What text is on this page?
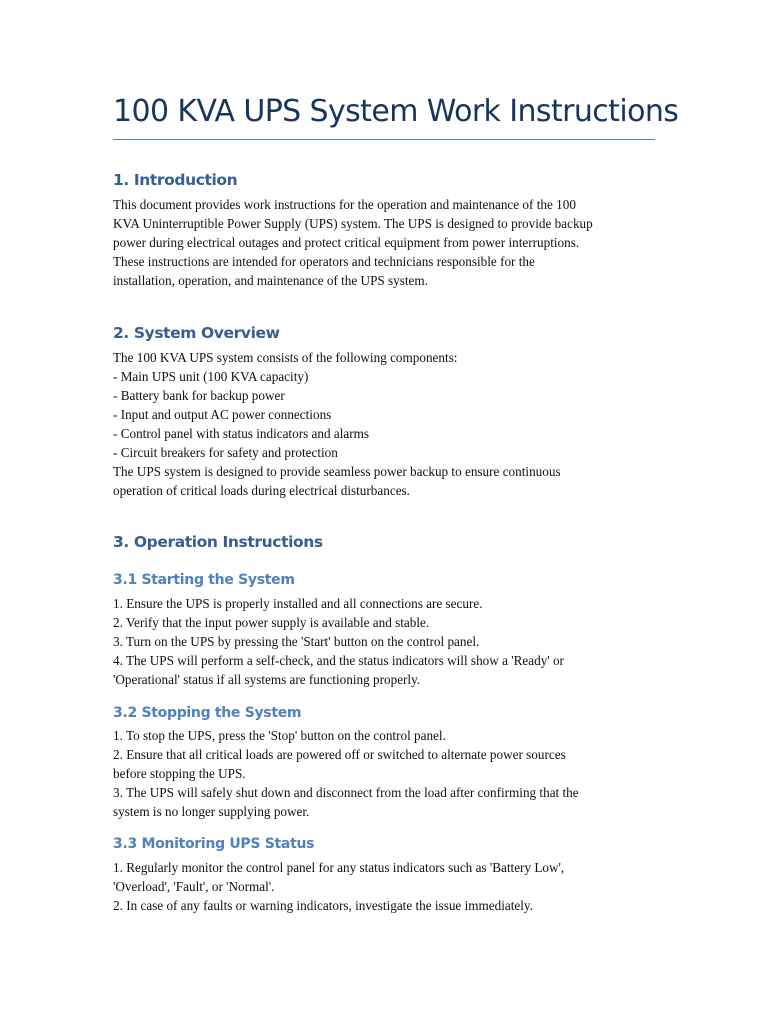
100 KVA UPS System Work Instructions
1. Introduction

This document provides work instructions for the operation and maintenance of the 100
KVA Uninterruptible Power Supply (UPS) system. The UPS is designed to provide backup
power during electrical outages and protect critical equipment from power interruptions.
These instructions are intended for operators and technicians responsible for the
installation, operation, and maintenance of the UPS system.

2. System Overview

The 100 KVA UPS system consists of the following components:
- Main UPS unit (100 KVA capacity)
- Battery bank for backup power
- Input and output AC power connections
- Control panel with status indicators and alarms
- Circuit breakers for safety and protection
The UPS system is designed to provide seamless power backup to ensure continuous
operation of critical loads during electrical disturbances.

3. Operation Instructions
3.1 Starting the System

1. Ensure the UPS is properly installed and all connections are secure.
2. Verify that the input power supply is available and stable.
3. Turn on the UPS by pressing the 'Start' button on the control panel.
4. The UPS will perform a self-check, and the status indicators will show a 'Ready' or
'Operational' status if all systems are functioning properly.

3.2 Stopping the System

1. To stop the UPS, press the 'Stop' button on the control panel.
2. Ensure that all critical loads are powered off or switched to alternate power sources
before stopping the UPS.
3. The UPS will safely shut down and disconnect from the load after confirming that the
system is no longer supplying power.

3.3 Monitoring UPS Status

1. Regularly monitor the control panel for any status indicators such as 'Battery Low',
'Overload', 'Fault', or 'Normal'.
2. In case of any faults or warning indicators, investigate the issue immediately.
